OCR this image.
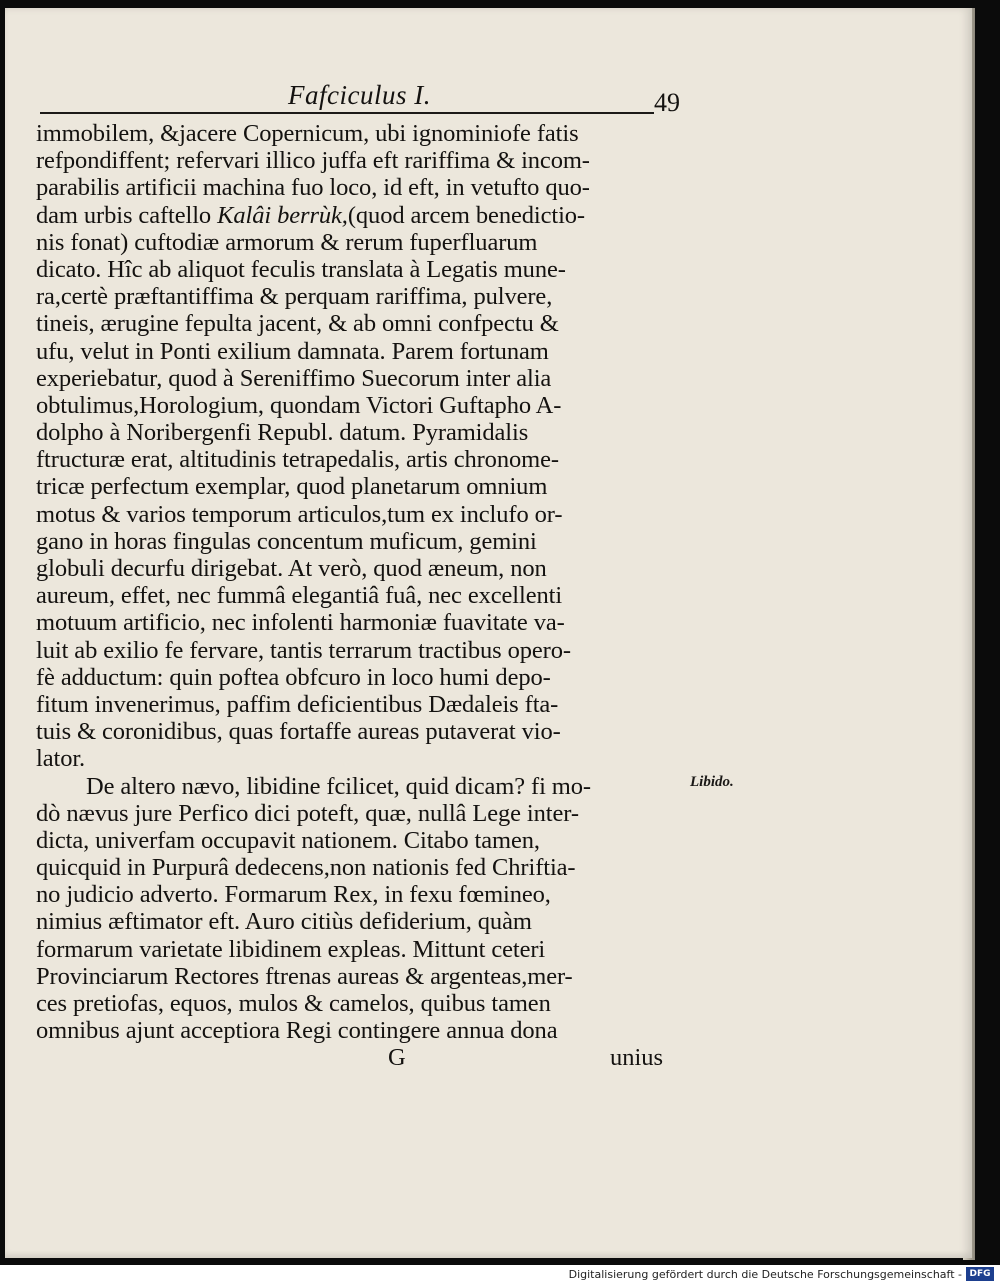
Fafciculus I.	49
immobilem, &jacere Copernicum, ubi ignominiofe fatis
refpondiffent; refervari illico juffa eft rariffima & incom-
parabilis artificii machina fuo loco, id eft, in vetufto quo-
dam urbis caftello Kalâi berrùk,(quod arcem benedictio-
nis fonat) cuftodiæ armorum & rerum fuperfluarum
dicato. Hîc ab aliquot feculis translata à Legatis mune-
ra,certè præftantiffima & perquam rariffima, pulvere,
tineis, ærugine fepulta jacent, & ab omni confpectu &
ufu, velut in Ponti exilium damnata. Parem fortunam
experiebatur, quod à Sereniffimo Suecorum inter alia
obtulimus,Horologium, quondam Victori Guftapho A-
dolpho à Noribergenfi Republ. datum. Pyramidalis
ftructuræ erat, altitudinis tetrapedalis, artis chronome-
tricæ perfectum exemplar, quod planetarum omnium
motus & varios temporum articulos,tum ex inclufo or-
gano in horas fingulas concentum muficum, gemini
globuli decurfu dirigebat. At verò, quod æneum, non
aureum, effet, nec fummâ elegantiâ fuâ, nec excellenti
motuum artificio, nec infolenti harmoniæ fuavitate va-
luit ab exilio fe fervare, tantis terrarum tractibus opero-
fè adductum: quin poftea obfcuro in loco humi depo-
fitum invenerimus, paffim deficientibus Dædaleis fta-
tuis & coronidibus, quas fortaffe aureas putaverat vio-
lator.
De altero nævo, libidine fcilicet, quid dicam? fi mo-
dò nævus jure Perfico dici poteft, quæ, nullâ Lege inter-
dicta, univerfam occupavit nationem. Citabo tamen,
quicquid in Purpurâ dedecens,non nationis fed Chriftia-
no judicio adverto. Formarum Rex, in fexu fœmineo,
nimius æftimator eft. Auro citiùs defiderium, quàm
formarum varietate libidinem expleas. Mittunt ceteri
Provinciarum Rectores ftrenas aureas & argenteas,mer-
ces pretiofas, equos, mulos & camelos, quibus tamen
omnibus ajunt acceptiora Regi contingere annua dona
G	unius
Libido.
Digitalisierung gefördert durch die Deutsche Forschungsgemeinschaft - DFG
